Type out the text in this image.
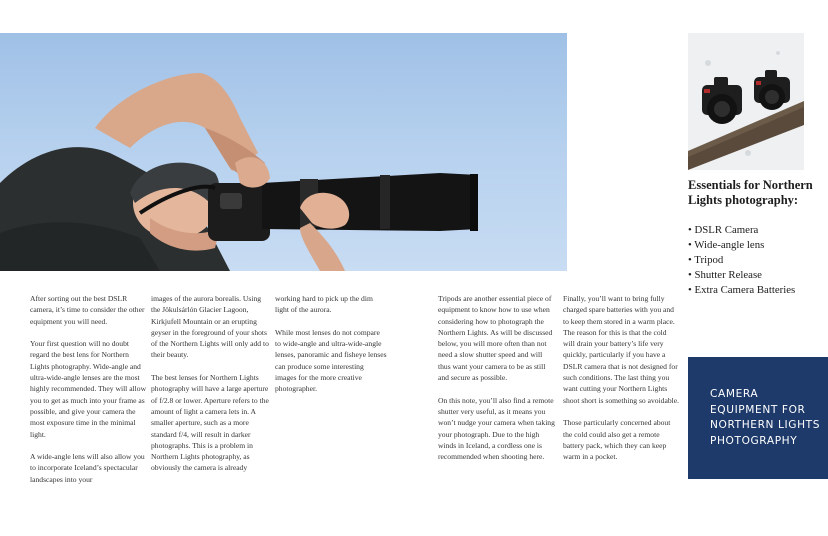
Essentials for Northern Lights photography:
• DSLR Camera
• Wide-angle lens
• Tripod
• Shutter Release
• Extra Camera Batteries
CAMERA EQUIPMENT FOR NORTHERN LIGHTS PHOTOGRAPHY

After sorting out the best DSLR camera, it’s time to consider the other equipment you will need.

Your first question will no doubt regard the best lens for Northern Lights photography. Wide-angle and ultra-wide-angle lenses are the most highly recommended. They will allow you to get as much into your frame as possible, and give your camera the most exposure time in the minimal light.

A wide-angle lens will also allow you to incorporate Iceland’s spectacular landscapes into your

images of the aurora borealis. Using the Jökulsárlón Glacier Lagoon, Kirkjufell Mountain or an erupting geyser in the foreground of your shots of the Northern Lights will only add to their beauty.

The best lenses for Northern Lights photography will have a large aperture of f/2.8 or lower. Aperture refers to the amount of light a camera lets in. A smaller aperture, such as a more standard f/4, will result in darker photographs. This is a problem in Northern Lights photography, as obviously the camera is already

working hard to pick up the dim light of the aurora.

While most lenses do not compare to wide-angle and ultra-wide-angle lenses, panoramic and fisheye lenses can produce some interesting images for the more creative photographer.

Tripods are another essential piece of equipment to know how to use when considering how to photograph the Northern Lights. As will be discussed below, you will more often than not need a slow shutter speed and will thus want your camera to be as still and secure as possible.

On this note, you’ll also find a remote shutter very useful, as it means you won’t nudge your camera when taking your photograph. Due to the high winds in Iceland, a cordless one is recommended when shooting here.

Finally, you’ll want to bring fully charged spare batteries with you and to keep them stored in a warm place. The reason for this is that the cold will drain your battery’s life very quickly, particularly if you have a DSLR camera that is not designed for such conditions. The last thing you want cutting your Northern Lights shoot short is something so avoidable.

Those particularly concerned about the cold could also get a remote battery pack, which they can keep warm in a pocket.
